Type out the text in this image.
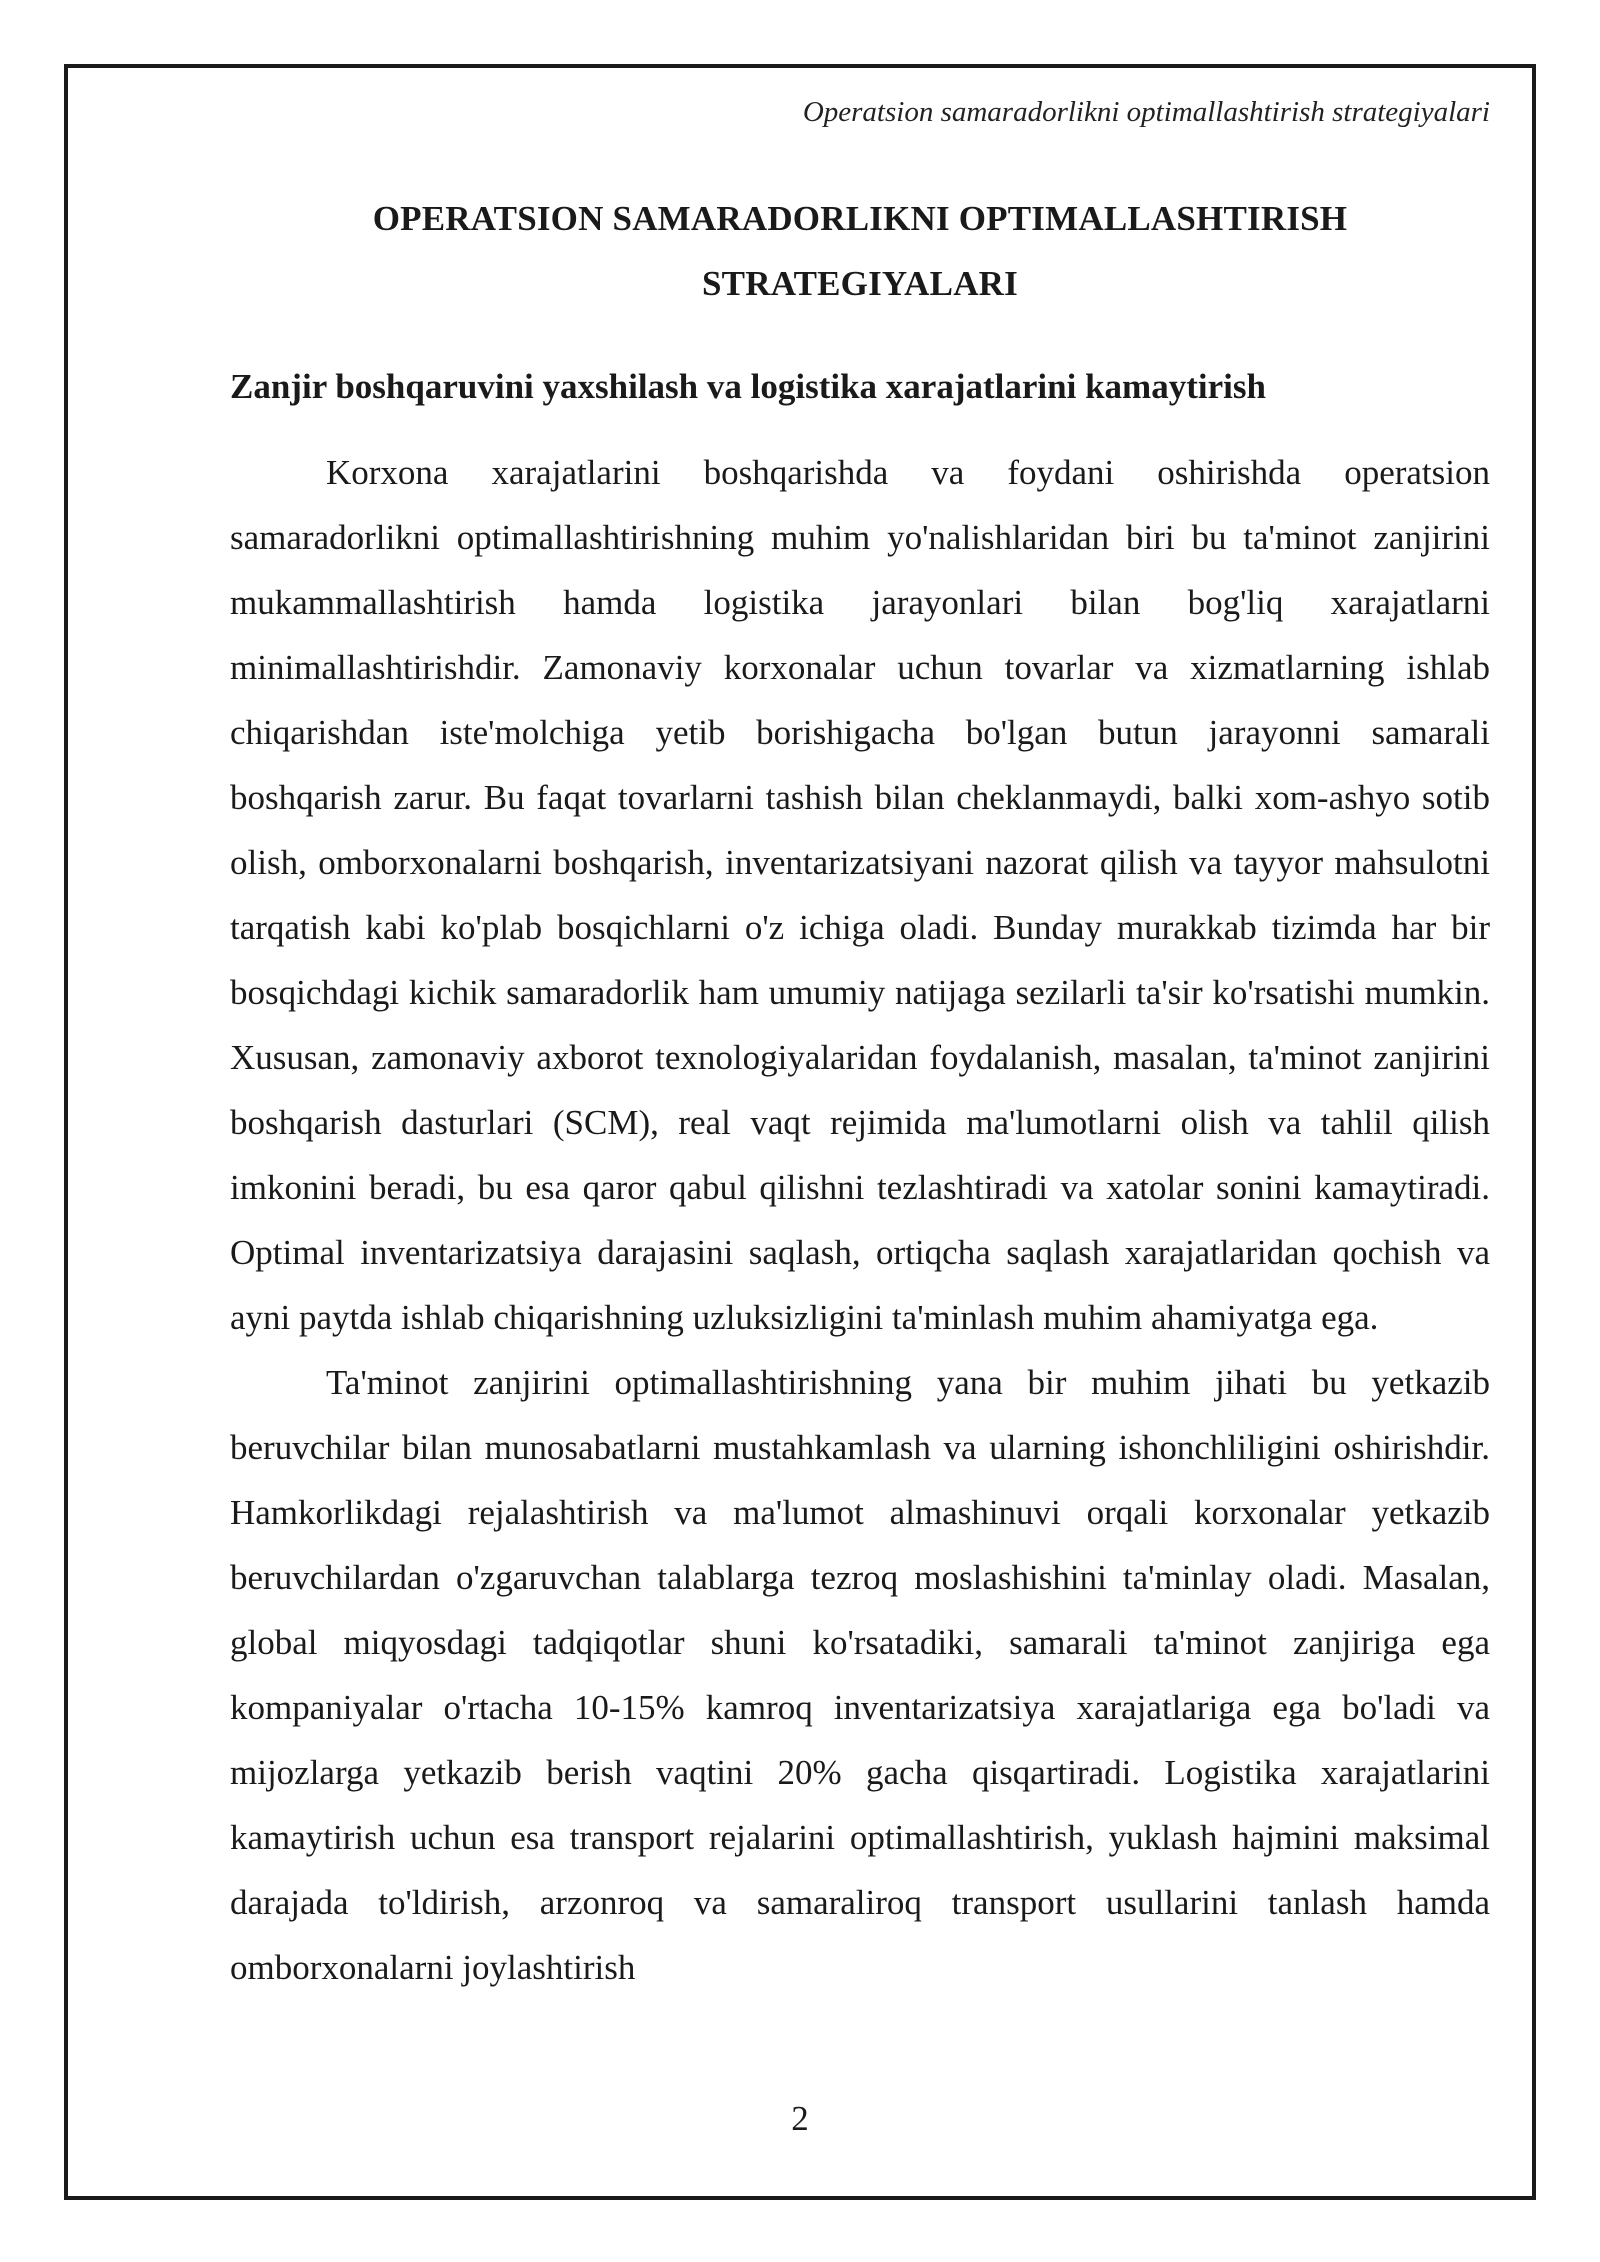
Operatsion samaradorlikni optimallashtirish strategiyalari
OPERATSION SAMARADORLIKNI OPTIMALLASHTIRISH
STRATEGIYALARI
Zanjir boshqaruvini yaxshilash va logistika xarajatlarini kamaytirish

Korxona xarajatlarini boshqarishda va foydani oshirishda operatsion samaradorlikni optimallashtirishning muhim yo'nalishlaridan biri bu ta'minot zanjirini mukammallashtirish hamda logistika jarayonlari bilan bog'liq xarajatlarni minimallashtirishdir. Zamonaviy korxonalar uchun tovarlar va xizmatlarning ishlab chiqarishdan iste'molchiga yetib borishigacha bo'lgan butun jarayonni samarali boshqarish zarur. Bu faqat tovarlarni tashish bilan cheklanmaydi, balki xom-ashyo sotib olish, omborxonalarni boshqarish, inventarizatsiyani nazorat qilish va tayyor mahsulotni tarqatish kabi ko'plab bosqichlarni o'z ichiga oladi. Bunday murakkab tizimda har bir bosqichdagi kichik samaradorlik ham umumiy natijaga sezilarli ta'sir ko'rsatishi mumkin. Xususan, zamonaviy axborot texnologiyalaridan foydalanish, masalan, ta'minot zanjirini boshqarish dasturlari (SCM), real vaqt rejimida ma'lumotlarni olish va tahlil qilish imkonini beradi, bu esa qaror qabul qilishni tezlashtiradi va xatolar sonini kamaytiradi. Optimal inventarizatsiya darajasini saqlash, ortiqcha saqlash xarajatlaridan qochish va ayni paytda ishlab chiqarishning uzluksizligini ta'minlash muhim ahamiyatga ega.

Ta'minot zanjirini optimallashtirishning yana bir muhim jihati bu yetkazib beruvchilar bilan munosabatlarni mustahkamlash va ularning ishonchliligini oshirishdir. Hamkorlikdagi rejalashtirish va ma'lumot almashinuvi orqali korxonalar yetkazib beruvchilardan o'zgaruvchan talablarga tezroq moslashishini ta'minlay oladi. Masalan, global miqyosdagi tadqiqotlar shuni ko'rsatadiki, samarali ta'minot zanjiriga ega kompaniyalar o'rtacha 10-15% kamroq inventarizatsiya xarajatlariga ega bo'ladi va mijozlarga yetkazib berish vaqtini 20% gacha qisqartiradi. Logistika xarajatlarini kamaytirish uchun esa transport rejalarini optimallashtirish, yuklash hajmini maksimal darajada to'ldirish, arzonroq va samaraliroq transport usullarini tanlash hamda omborxonalarni joylashtirish

2
